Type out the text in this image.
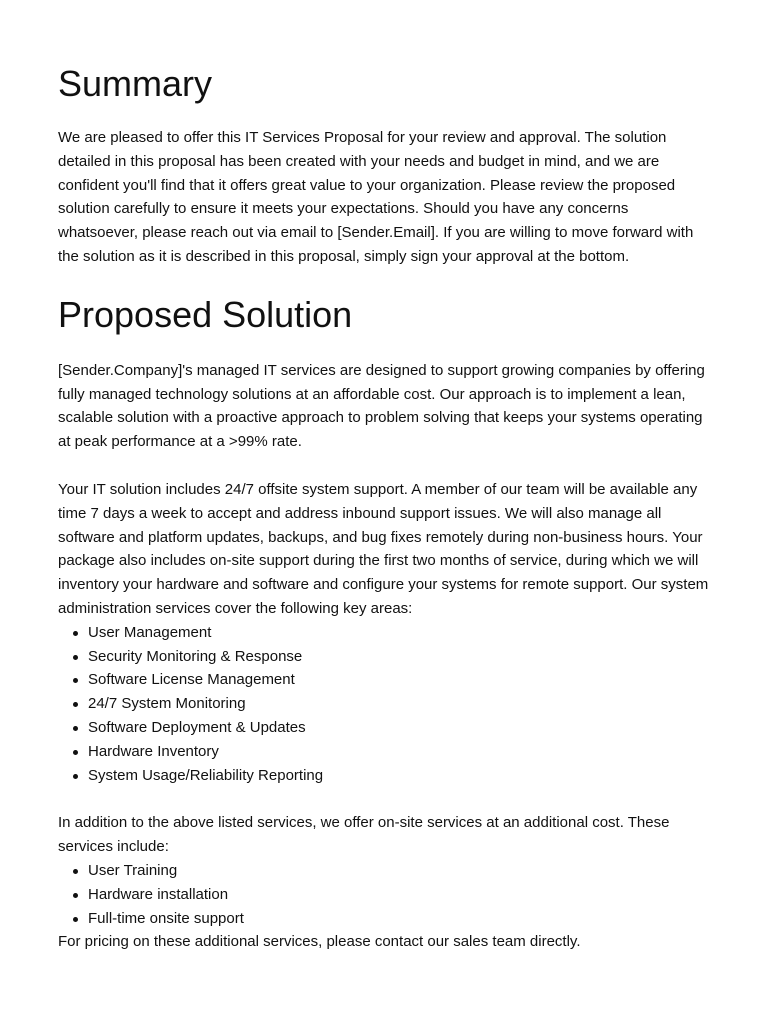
Summary

We are pleased to offer this IT Services Proposal for your review and approval. The solution detailed in this proposal has been created with your needs and budget in mind, and we are confident you'll find that it offers great value to your organization. Please review the proposed solution carefully to ensure it meets your expectations. Should you have any concerns whatsoever, please reach out via email to [Sender.Email]. If you are willing to move forward with the solution as it is described in this proposal, simply sign your approval at the bottom.

Proposed Solution

[Sender.Company]'s managed IT services are designed to support growing companies by offering fully managed technology solutions at an affordable cost. Our approach is to implement a lean, scalable solution with a proactive approach to problem solving that keeps your systems operating at peak performance at a >99% rate.

Your IT solution includes 24/7 offsite system support. A member of our team will be available any time 7 days a week to accept and address inbound support issues. We will also manage all software and platform updates, backups, and bug fixes remotely during non-business hours. Your package also includes on-site support during the first two months of service, during which we will inventory your hardware and software and configure your systems for remote support. Our system administration services cover the following key areas:

User Management
Security Monitoring & Response
Software License Management
24/7 System Monitoring
Software Deployment & Updates
Hardware Inventory
System Usage/Reliability Reporting

In addition to the above listed services, we offer on-site services at an additional cost. These services include:

User Training
Hardware installation
Full-time onsite support

For pricing on these additional services, please contact our sales team directly.
